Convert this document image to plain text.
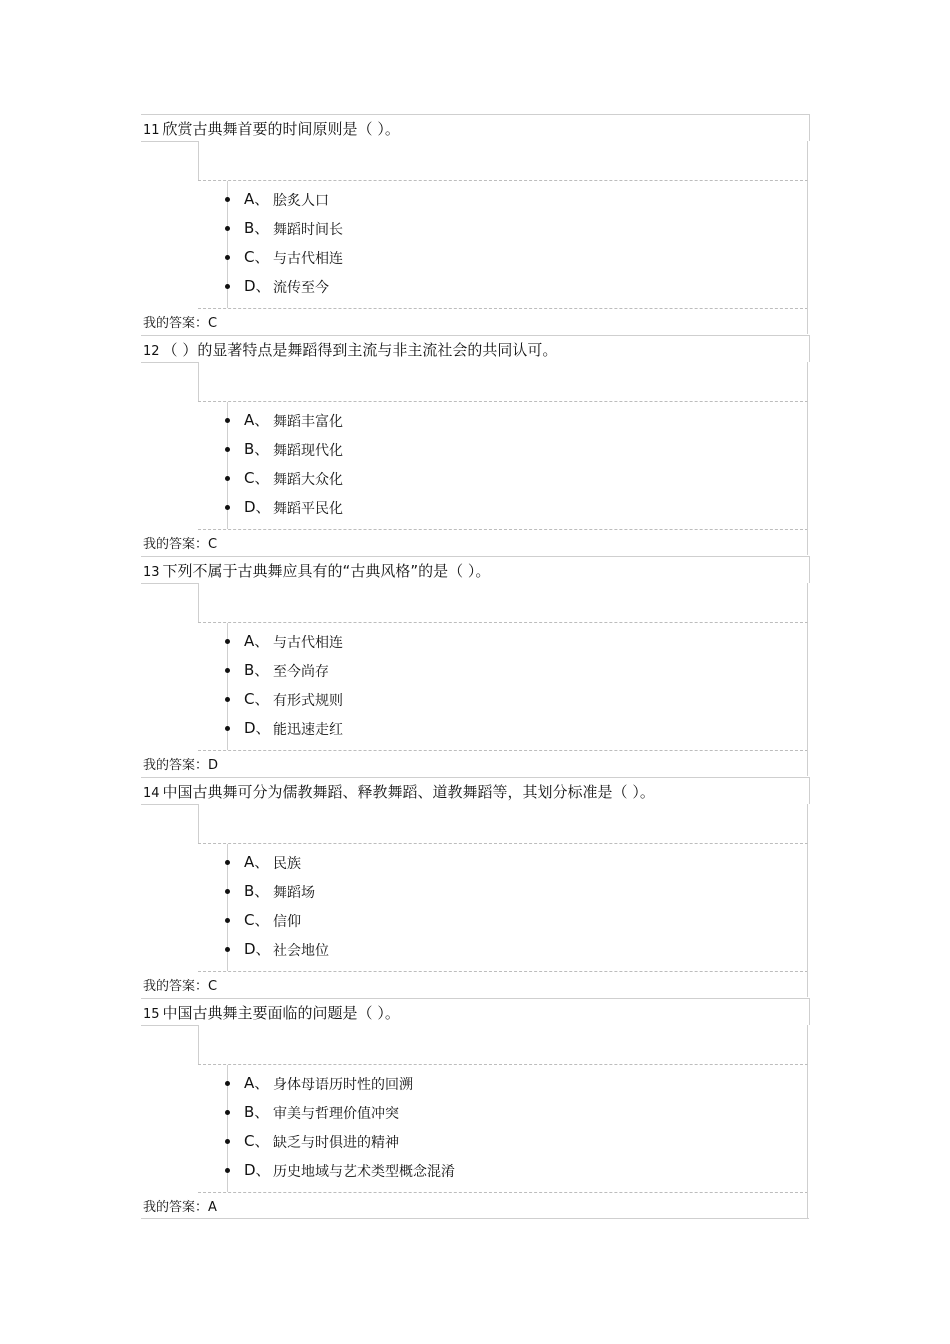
11 欣赏古典舞首要的时间原则是（ ）。
A、 脍炙人口
B、 舞蹈时间长
C、 与古代相连
D、 流传至今
我的答案：C
12 （ ）的显著特点是舞蹈得到主流与非主流社会的共同认可。
A、 舞蹈丰富化
B、 舞蹈现代化
C、 舞蹈大众化
D、 舞蹈平民化
我的答案：C
13 下列不属于古典舞应具有的“古典风格”的是（ ）。
A、 与古代相连
B、 至今尚存
C、 有形式规则
D、 能迅速走红
我的答案：D
14 中国古典舞可分为儒教舞蹈、释教舞蹈、道教舞蹈等，其划分标准是（ ）。
A、 民族
B、 舞蹈场
C、 信仰
D、 社会地位
我的答案：C
15 中国古典舞主要面临的问题是（ ）。
A、 身体母语历时性的回溯
B、 审美与哲理价值冲突
C、 缺乏与时俱进的精神
D、 历史地域与艺术类型概念混淆
我的答案：A
